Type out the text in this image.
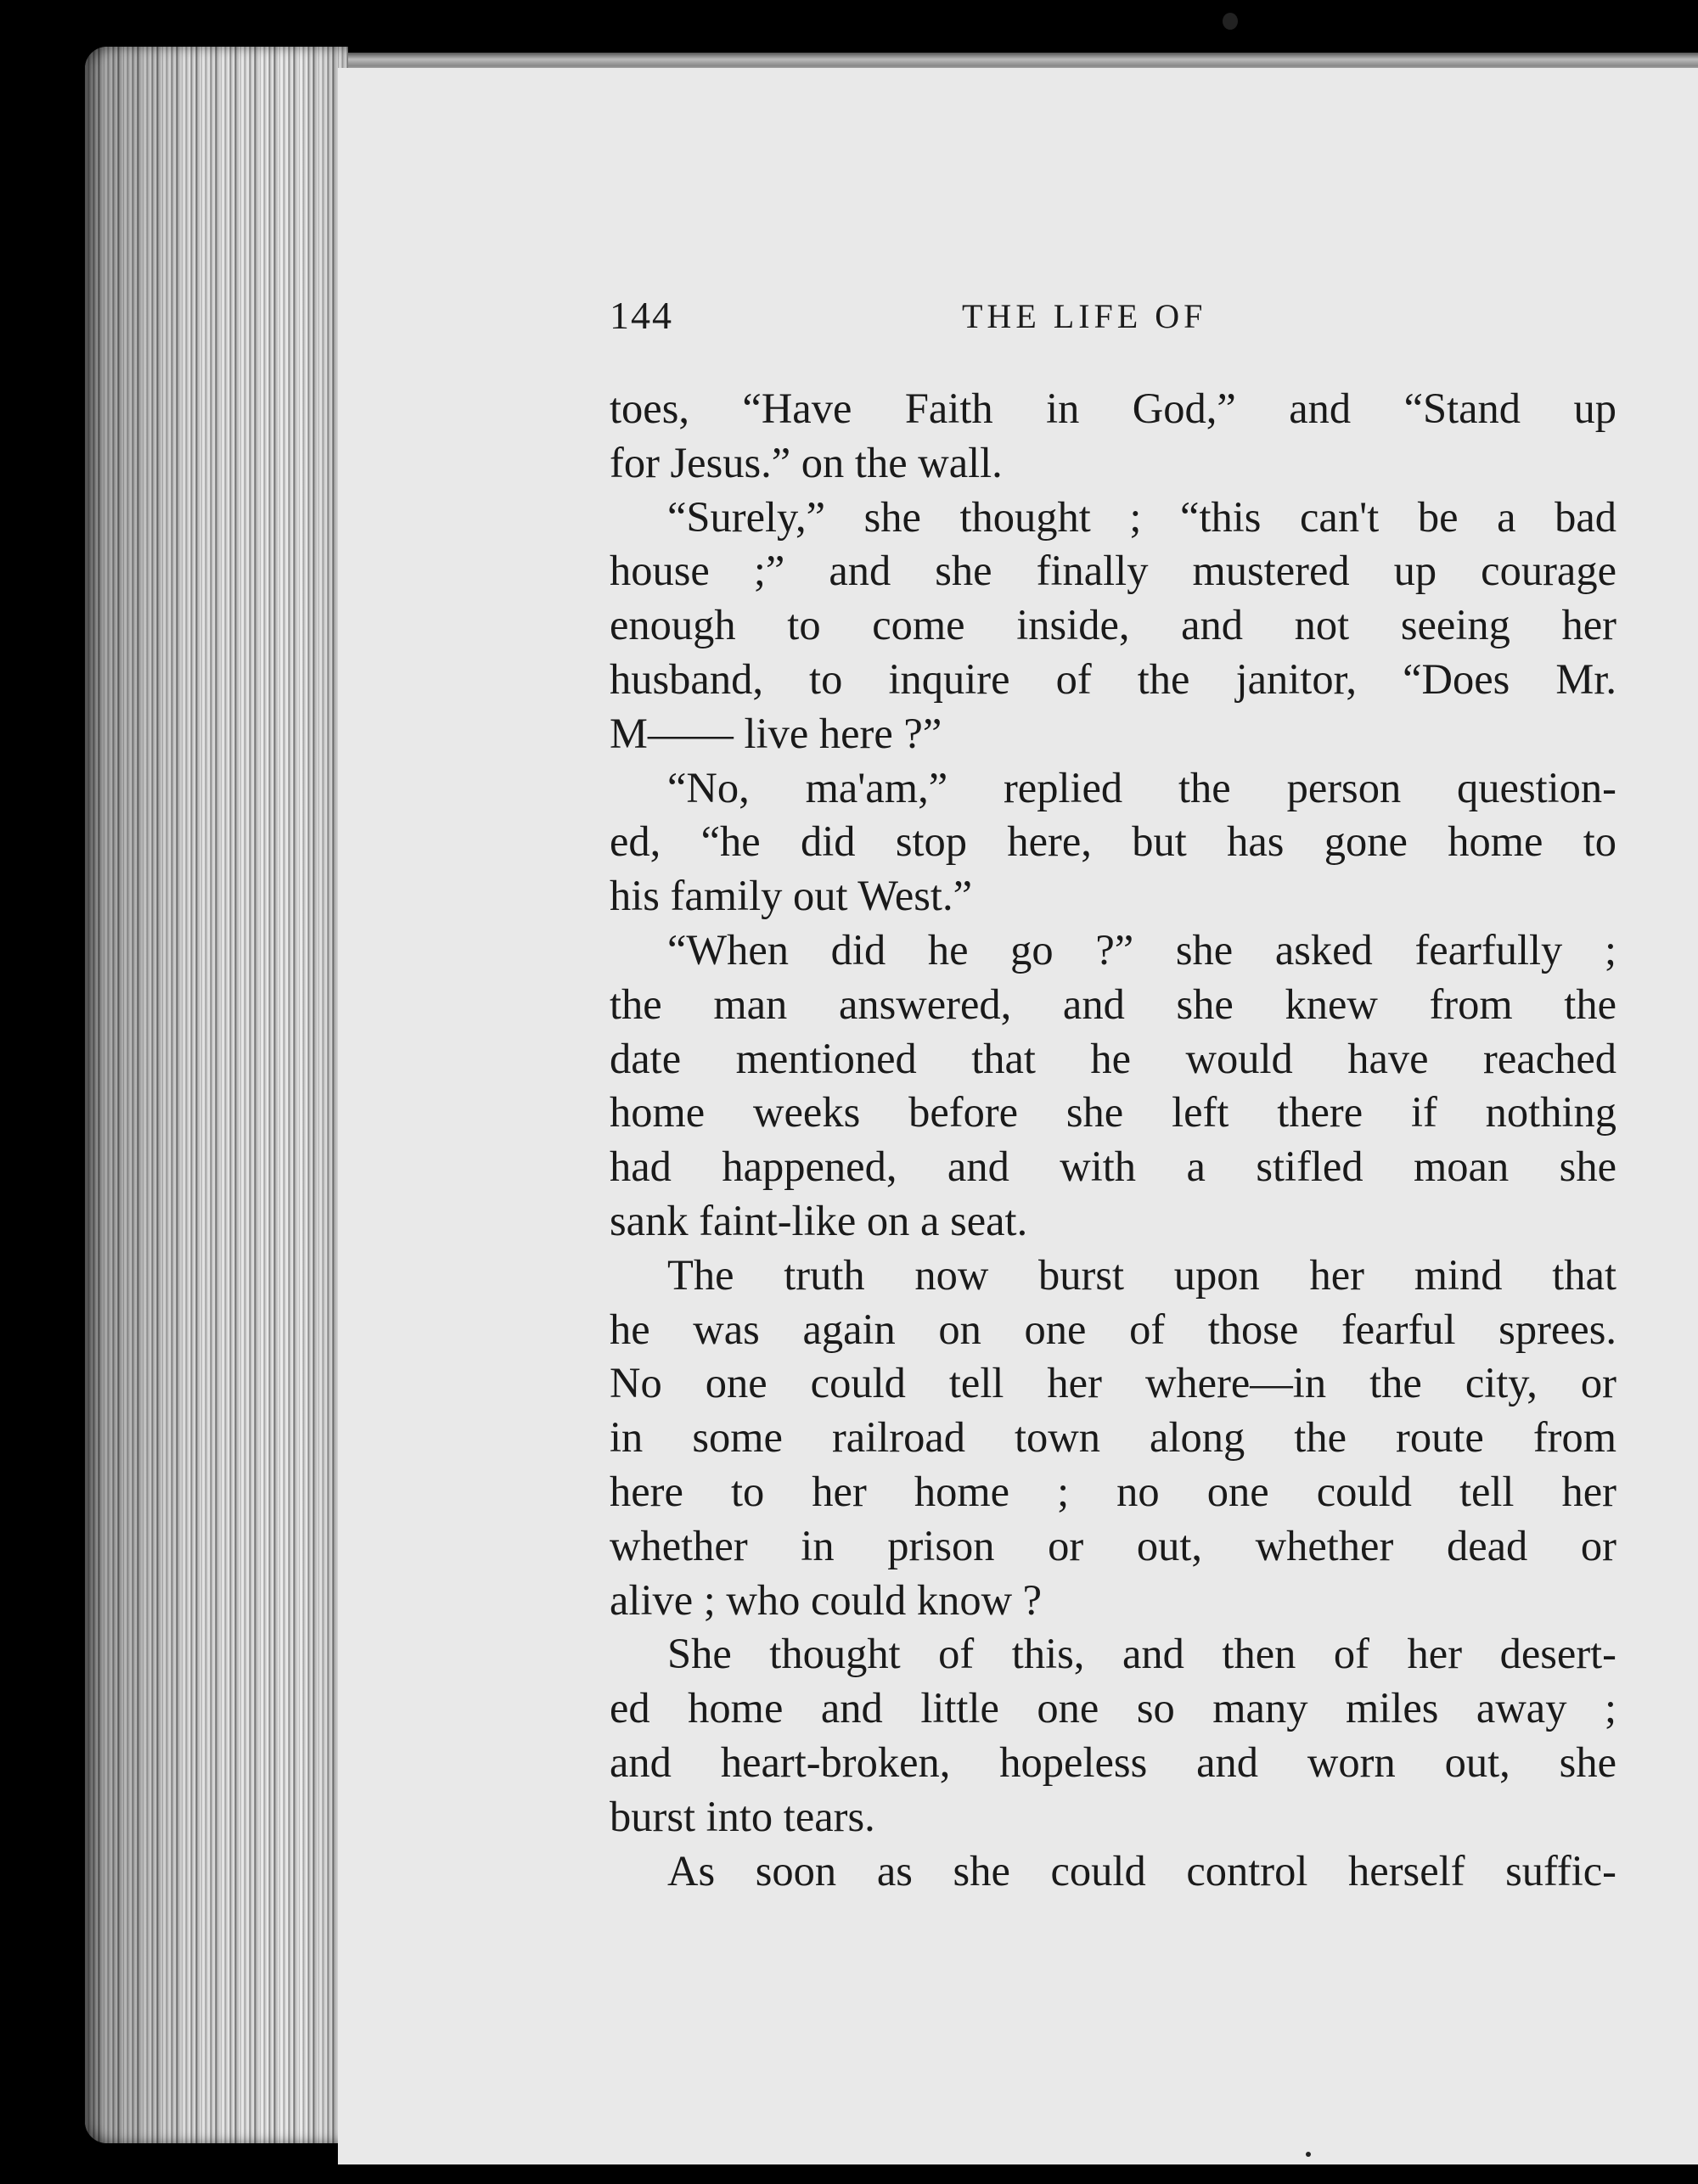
144	THE LIFE OF
toes, “Have Faith in God,” and “Stand up
for Jesus.” on the wall.
“Surely,” she thought ; “this can't be a bad
house ;” and she finally mustered up courage
enough to come inside, and not seeing her
husband, to inquire of the janitor, “Does Mr.
M—— live here ?”
“No, ma'am,” replied the person question-
ed, “he did stop here, but has gone home to
his family out West.”
“When did he go ?” she asked fearfully ;
the man answered, and she knew from the
date mentioned that he would have reached
home weeks before she left there if nothing
had happened, and with a stifled moan she
sank faint-like on a seat.
The truth now burst upon her mind that
he was again on one of those fearful sprees.
No one could tell her where—in the city, or
in some railroad town along the route from
here to her home ; no one could tell her
whether in prison or out, whether dead or
alive ; who could know ?
She thought of this, and then of her desert-
ed home and little one so many miles away ;
and heart-broken, hopeless and worn out, she
burst into tears.
As soon as she could control herself suffic-
